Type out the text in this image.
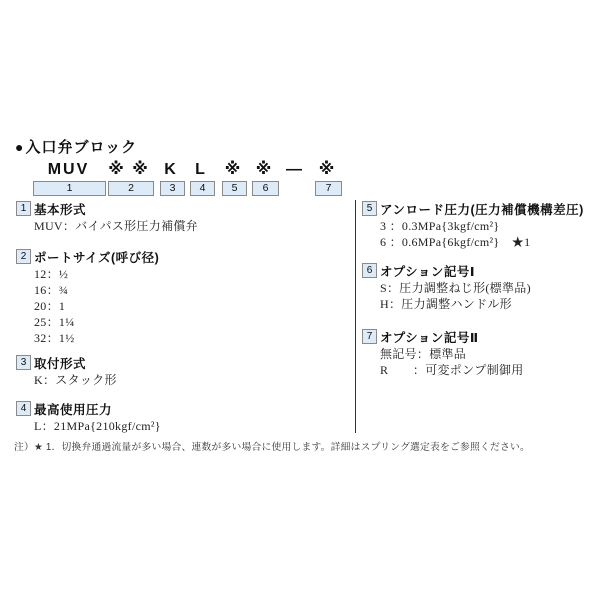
●入口弁ブロック
MUV	※ ※ K	L	※ ※ — ※
1	2	3	4	5	6	7
1 基本形式
MUV：バイパス形圧力補償弁
2 ポートサイズ(呼び径)
12：½
16：¾
20：1
25：1¼
32：1½
3 取付形式
K：スタック形
4 最高使用圧力
L：21MPa{210kgf/cm²}
5 アンロード圧力(圧力補償機構差圧)
3 ：0.3MPa{3kgf/cm²}
6 ：0.6MPa{6kgf/cm²}　★1
6 オプション記号Ⅰ
S：圧力調整ねじ形(標準品)
H：圧力調整ハンドル形
7 オプション記号Ⅱ
無記号：標準品
R　　：可変ポンプ制御用
注）★ 1．切換弁通過流量が多い場合、連数が多い場合に使用します。詳細はスプリング選定表をご参照ください。
